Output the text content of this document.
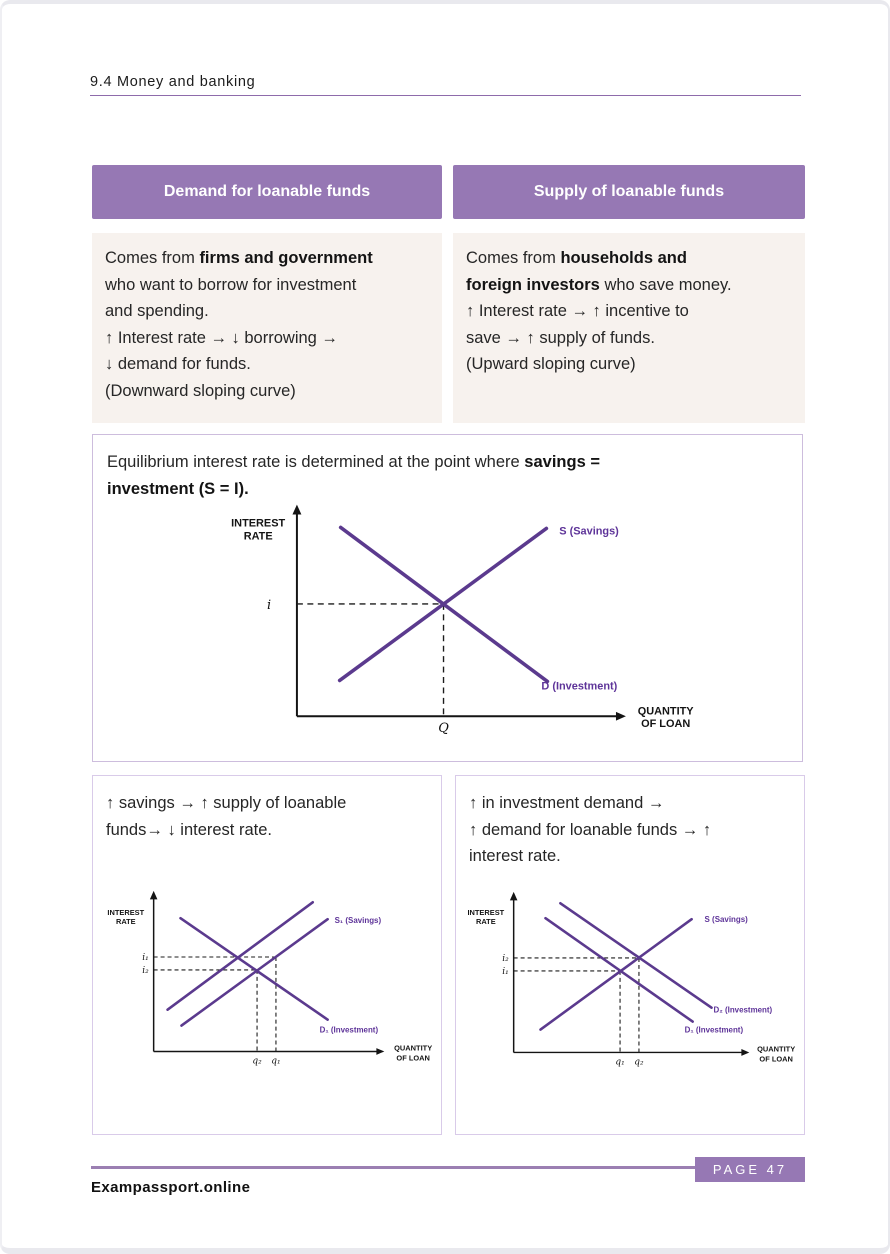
9.4 Money and banking
Demand for loanable funds	Supply of loanable funds
Comes from firms and government
who want to borrow for investment
and spending.
↑ Interest rate → ↓ borrowing →
↓ demand for funds.
(Downward sloping curve)
Comes from households and
foreign investors who save money.
↑ Interest rate → ↑ incentive to
save → ↑ supply of funds.
(Upward sloping curve)
Equilibrium interest rate is determined at the point where savings =
investment (S = I).
INTEREST
RATE
QUANTITY
OF LOAN
S (Savings)
D (Investment)
i
Q
↑ savings → ↑ supply of loanable
funds→ ↓ interest rate.
INTEREST
RATE
QUANTITY
OF LOAN
S₁ (Savings)
D₁ (Investment)
i₁
i₂
q₂ q₁
↑ in investment demand →
↑ demand for loanable funds → ↑
interest rate.
INTEREST
RATE
QUANTITY
OF LOAN
S (Savings)
D₂ (Investment)
D₁ (Investment)
i₂
i₁
q₁ q₂
PAGE 47
Exampassport.online
